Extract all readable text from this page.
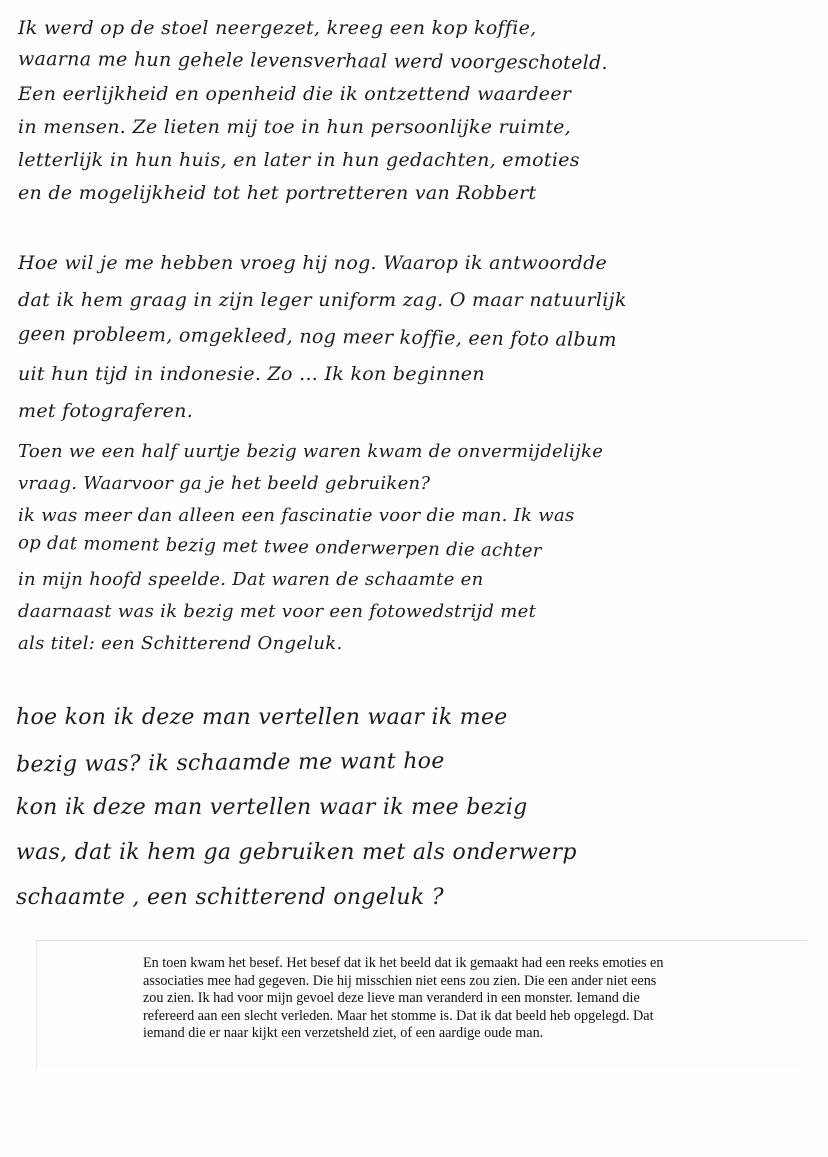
Ik werd op de stoel neergezet, kreeg een kop koffie,
waarna me hun gehele levensverhaal werd voorgeschoteld.
Een eerlijkheid en openheid die ik ontzettend waardeer
in mensen. Ze lieten mij toe in hun persoonlijke ruimte,
letterlijk in hun huis, en later in hun gedachten, emoties
en de mogelijkheid tot het portretteren van Robbert
Hoe wil je me hebben vroeg hij nog. Waarop ik antwoordde
dat ik hem graag in zijn leger uniform zag. O maar natuurlijk
geen probleem, omgekleed, nog meer koffie, een foto album
uit hun tijd in indonesie. Zo ... Ik kon beginnen
met fotograferen.
Toen we een half uurtje bezig waren kwam de onvermijdelijke
vraag. Waarvoor ga je het beeld gebruiken?
ik was meer dan alleen een fascinatie voor die man. Ik was
op dat moment bezig met twee onderwerpen die achter
in mijn hoofd speelde. Dat waren de schaamte en
daarnaast was ik bezig met voor een fotowedstrijd met
als titel: een Schitterend Ongeluk.
hoe kon ik deze man vertellen waar ik mee
bezig was? ik schaamde me want hoe
kon ik deze man vertellen waar ik mee bezig
was, dat ik hem ga gebruiken met als onderwerp
schaamte , een schitterend ongeluk ?
En toen kwam het besef. Het besef dat ik het beeld dat ik gemaakt had een reeks emoties en
associaties mee had gegeven. Die hij misschien niet eens zou zien. Die een ander niet eens
zou zien. Ik had voor mijn gevoel deze lieve man veranderd in een monster. Iemand die
refereerd aan een slecht verleden. Maar het stomme is. Dat ik dat beeld heb opgelegd. Dat
iemand die er naar kijkt een verzetsheld ziet, of een aardige oude man.
